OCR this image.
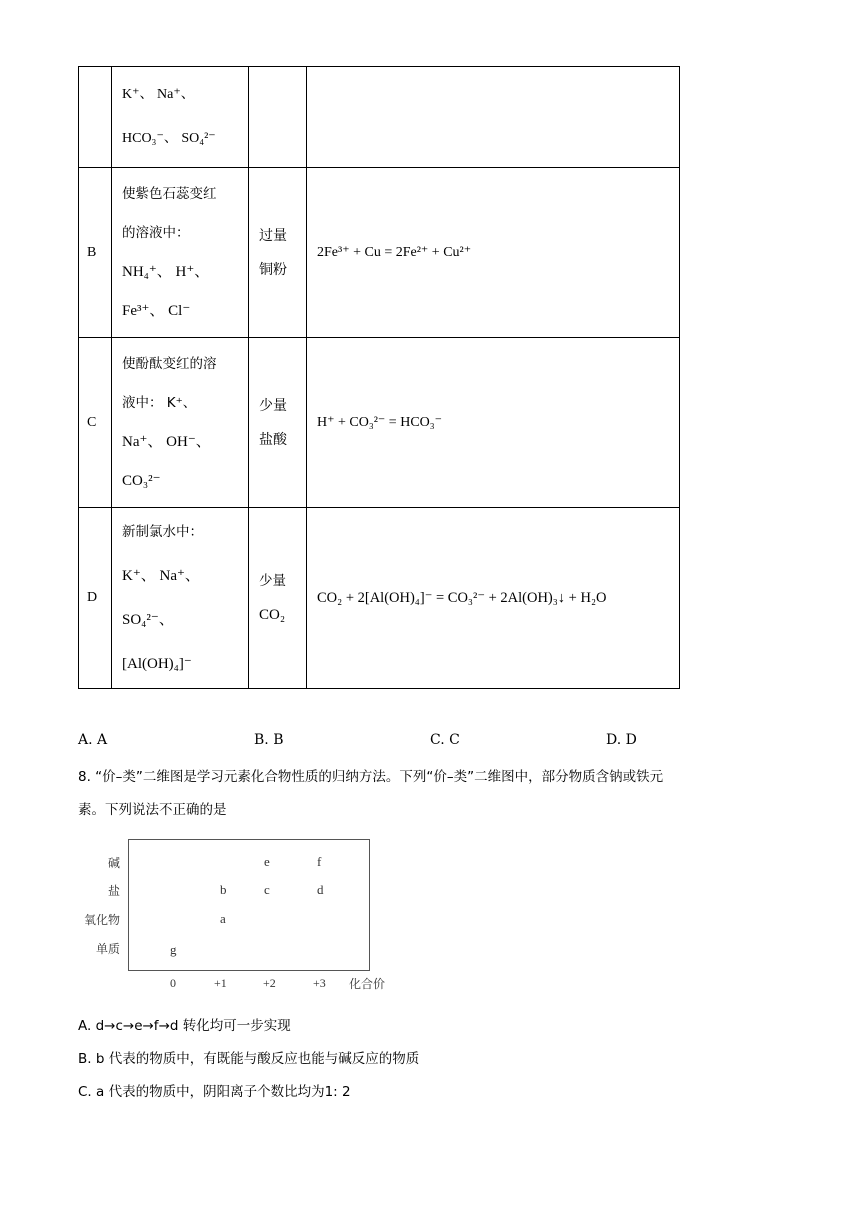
	K⁺、 Na⁺、
HCO₃⁻、 SO₄²⁻		

B	使紫色石蕊变红
的溶液中：
NH₄⁺、 H⁺、
Fe³⁺、 Cl⁻	过量
铜粉	2Fe³⁺ + Cu = 2Fe²⁺ + Cu²⁺
C	使酚酞变红的溶
液中： K⁺、
Na⁺、 OH⁻、
CO₃²⁻	少量
盐酸	H⁺ + CO₃²⁻ = HCO₃⁻
D	新制氯水中：
K⁺、 Na⁺、
SO₄²⁻、
[Al(OH)₄]⁻	少量
CO₂	CO₂ + 2[Al(OH)₄]⁻ = CO₃²⁻ + 2Al(OH)₃↓ + H₂O
A. A	B. B	C. C	D. D
8. “价–类”二维图是学习元素化合物性质的归纳方法。下列“价–类”二维图中，部分物质含钠或铁元
素。下列说法不正确的是
碱
盐
氧化物
单质
e	f
b	c	d
a
g
0	+1	+2	+3 化合价
A. d→c→e→f→d 转化均可一步实现
B. b 代表的物质中，有既能与酸反应也能与碱反应的物质
C. a 代表的物质中，阴阳离子个数比均为1: 2
